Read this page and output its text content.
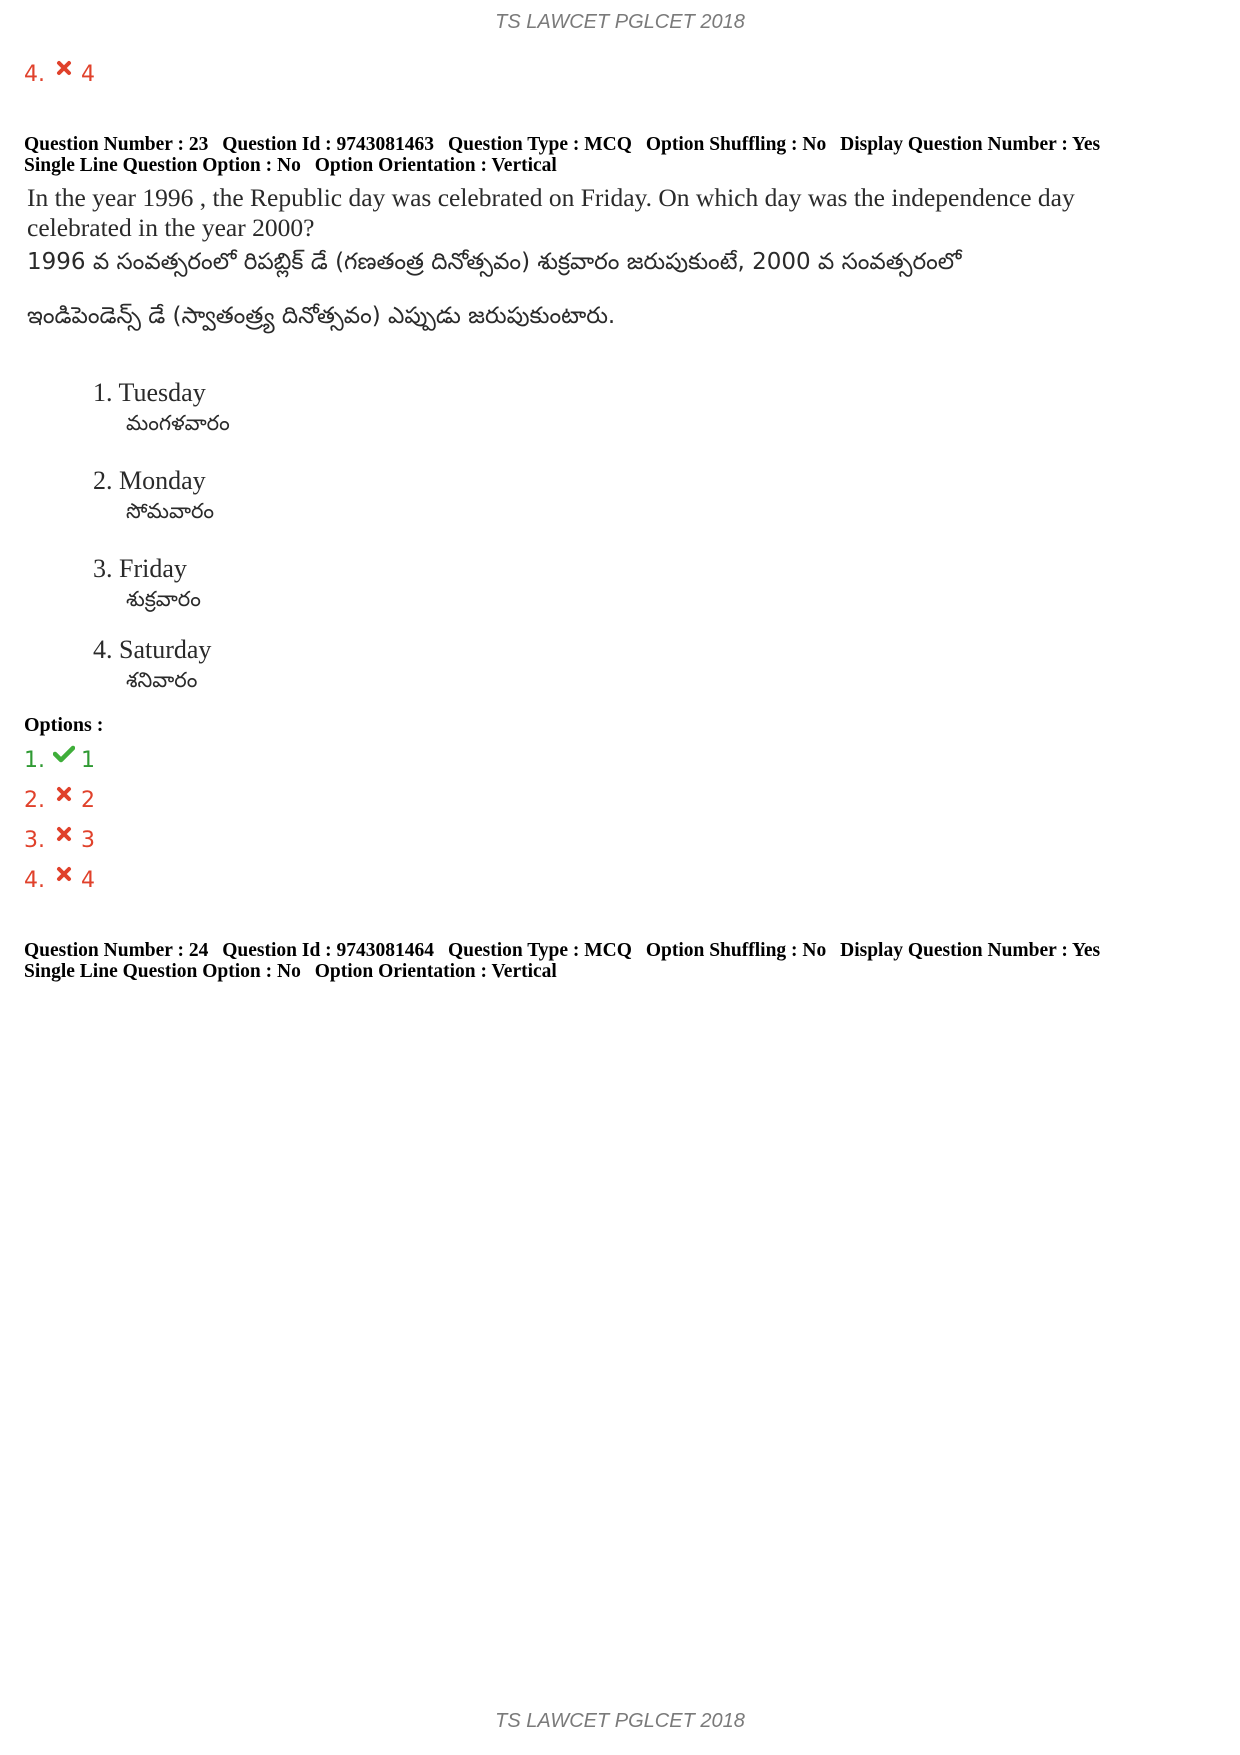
TS LAWCET PGLCET 2018
4. 4
Question Number : 23 Question Id : 9743081463 Question Type : MCQ Option Shuffling : No Display Question Number : Yes
Single Line Question Option : No Option Orientation : Vertical
In the year 1996 , the Republic day was celebrated on Friday. On which day was the independence day
celebrated in the year 2000?
1996 వ సంవత్సరంలో రిపబ్లిక్ డే (గణతంత్ర దినోత్సవం) శుక్రవారం జరుపుకుంటే, 2000 వ సంవత్సరంలో
ఇండిపెండెన్స్ డే (స్వాతంత్ర్య దినోత్సవం) ఎప్పుడు జరుపుకుంటారు.
1. Tuesday
మంగళవారం
2. Monday
సోమవారం
3. Friday
శుక్రవారం
4. Saturday
శనివారం
Options :
1. 1
2. 2
3. 3
4. 4
Question Number : 24 Question Id : 9743081464 Question Type : MCQ Option Shuffling : No Display Question Number : Yes
Single Line Question Option : No Option Orientation : Vertical
TS LAWCET PGLCET 2018
